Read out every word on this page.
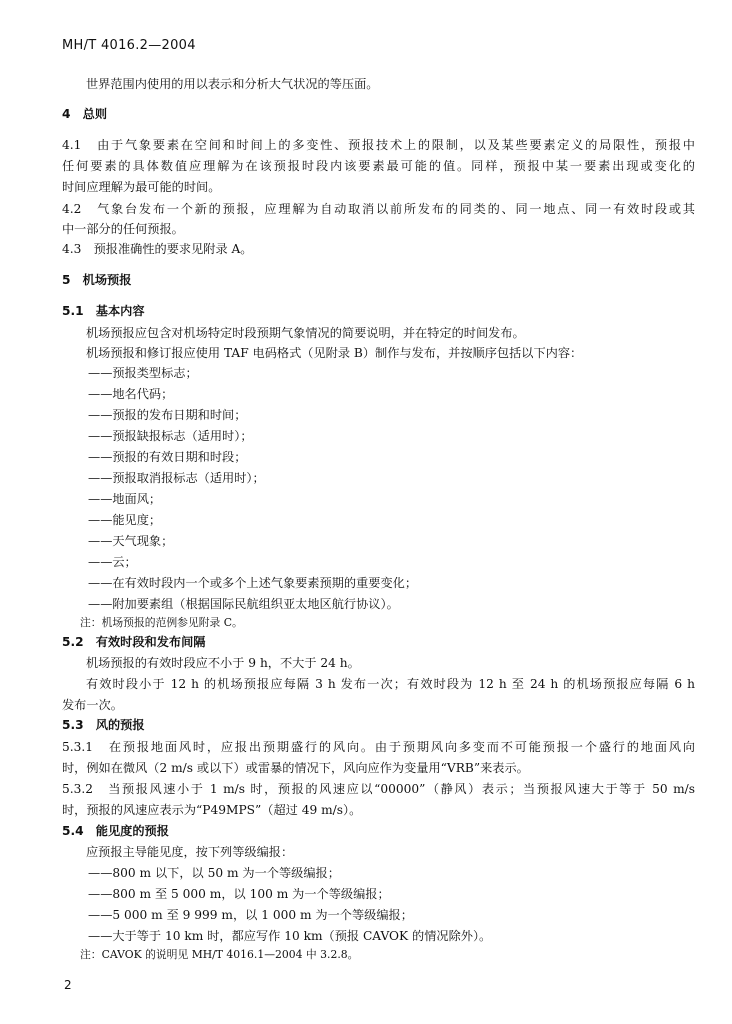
MH/T 4016.2—2004
世界范围内使用的用以表示和分析大气状况的等压面。
4　总则
4.1　由于气象要素在空间和时间上的多变性、预报技术上的限制，以及某些要素定义的局限性，预报中
任何要素的具体数值应理解为在该预报时段内该要素最可能的值。同样，预报中某一要素出现或变化的
时间应理解为最可能的时间。
4.2　气象台发布一个新的预报，应理解为自动取消以前所发布的同类的、同一地点、同一有效时段或其
中一部分的任何预报。
4.3　预报准确性的要求见附录 A。
5　机场预报
5.1　基本内容
机场预报应包含对机场特定时段预期气象情况的简要说明，并在特定的时间发布。
机场预报和修订报应使用 TAF 电码格式（见附录 B）制作与发布，并按顺序包括以下内容：
——预报类型标志；
——地名代码；
——预报的发布日期和时间；
——预报缺报标志（适用时）；
——预报的有效日期和时段；
——预报取消报标志（适用时）；
——地面风；
——能见度；
——天气现象；
——云；
——在有效时段内一个或多个上述气象要素预期的重要变化；
——附加要素组（根据国际民航组织亚太地区航行协议）。
注：机场预报的范例参见附录 C。
5.2　有效时段和发布间隔
机场预报的有效时段应不小于 9 h，不大于 24 h。
有效时段小于 12 h 的机场预报应每隔 3 h 发布一次；有效时段为 12 h 至 24 h 的机场预报应每隔 6 h
发布一次。
5.3　风的预报
5.3.1　在预报地面风时，应报出预期盛行的风向。由于预期风向多变而不可能预报一个盛行的地面风向
时，例如在微风（2 m/s 或以下）或雷暴的情况下，风向应作为变量用“VRB”来表示。
5.3.2　当预报风速小于 1 m/s 时，预报的风速应以“00000”（静风）表示；当预报风速大于等于 50 m/s
时，预报的风速应表示为“P49MPS”（超过 49 m/s）。
5.4　能见度的预报
应预报主导能见度，按下列等级编报：
——800 m 以下，以 50 m 为一个等级编报；
——800 m 至 5 000 m，以 100 m 为一个等级编报；
——5 000 m 至 9 999 m，以 1 000 m 为一个等级编报；
——大于等于 10 km 时，都应写作 10 km（预报 CAVOK 的情况除外）。
注：CAVOK 的说明见 MH/T 4016.1—2004 中 3.2.8。
2
